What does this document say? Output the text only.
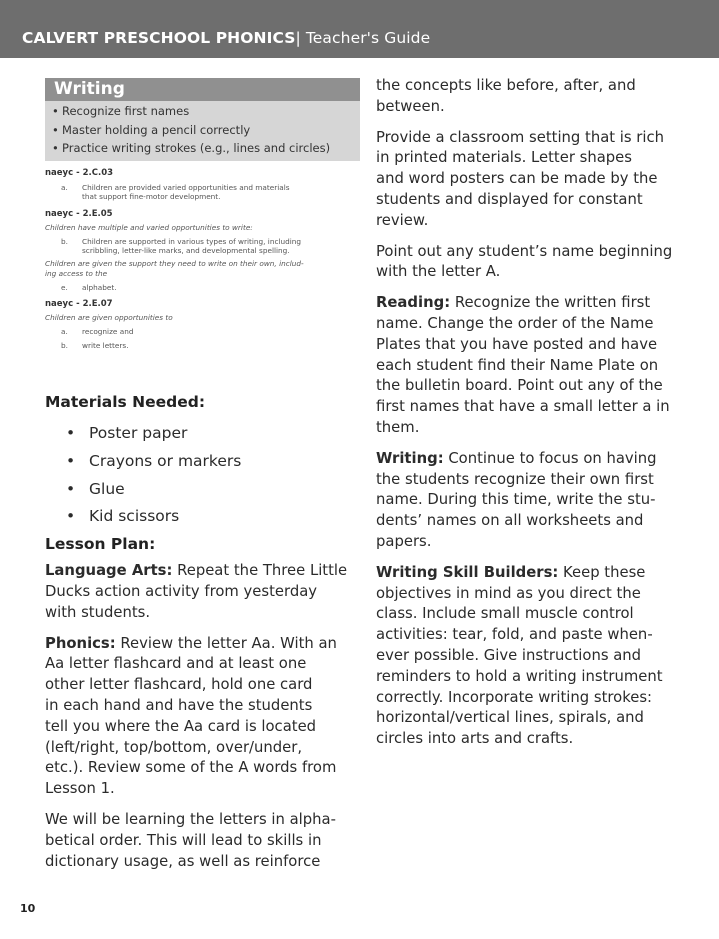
CALVERT PRESCHOOL PHONICS| Teacher's Guide
Writing
• Recognize first names
• Master holding a pencil correctly
• Practice writing strokes (e.g., lines and circles)
naeyc - 2.C.03
a.	Children are provided varied opportunities and materials
that support fine-motor development.
naeyc - 2.E.05
Children have multiple and varied opportunities to write:
b.	Children are supported in various types of writing, including
scribbling, letter-like marks, and developmental spelling.
Children are given the support they need to write on their own, includ-
ing access to the
e.	alphabet.
naeyc - 2.E.07
Children are given opportunities to
a.	recognize and
b.	write letters.
Materials Needed:
• Poster paper
• Crayons or markers
• Glue
• Kid scissors
Lesson Plan:

Language Arts: Repeat the Three Little
Ducks action activity from yesterday
with students.

Phonics: Review the letter Aa. With an
Aa letter flashcard and at least one
other letter flashcard, hold one card
in each hand and have the students
tell you where the Aa card is located
(left/right, top/bottom, over/under,
etc.). Review some of the A words from
Lesson 1.

We will be learning the letters in alpha-
betical order. This will lead to skills in
dictionary usage, as well as reinforce

the concepts like before, after, and
between.

Provide a classroom setting that is rich
in printed materials. Letter shapes
and word posters can be made by the
students and displayed for constant
review.

Point out any student’s name beginning
with the letter A.

Reading: Recognize the written first
name. Change the order of the Name
Plates that you have posted and have
each student find their Name Plate on
the bulletin board. Point out any of the
first names that have a small letter a in
them.

Writing: Continue to focus on having
the students recognize their own first
name. During this time, write the stu-
dents’ names on all worksheets and
papers.

Writing Skill Builders: Keep these
objectives in mind as you direct the
class. Include small muscle control
activities: tear, fold, and paste when-
ever possible. Give instructions and
reminders to hold a writing instrument
correctly. Incorporate writing strokes:
horizontal/vertical lines, spirals, and
circles into arts and crafts.

10
